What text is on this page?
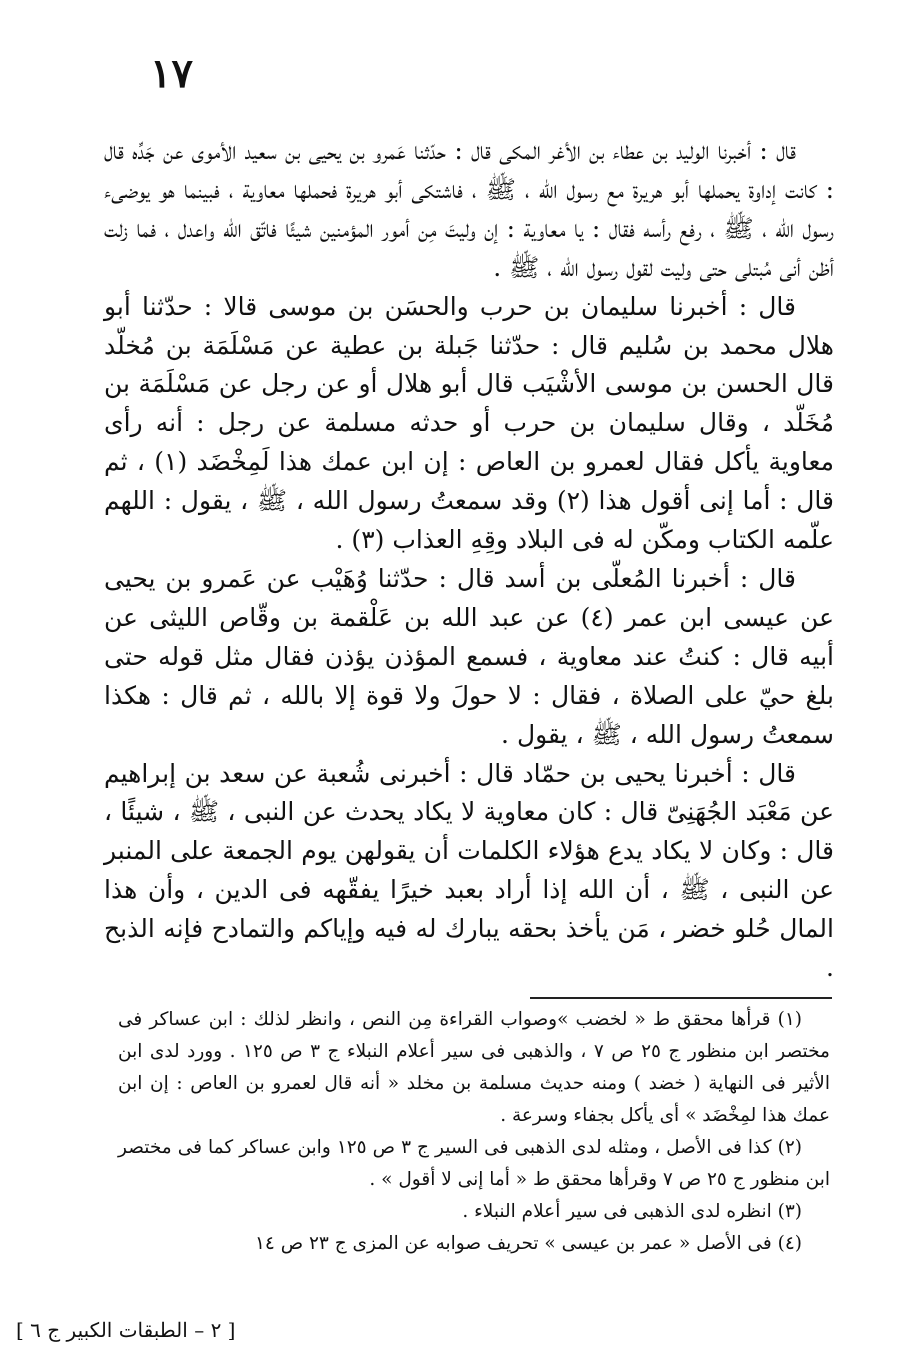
١٧

قال : أخبرنا الوليد بن عطاء بن الأغر المكى قال : حدّثنا عَمرو بن يحيى بن سعيد الأموى عن جَدِّه قال : كانت إداوة يحملها أبو هريرة مع رسول الله ، ﷺ ، فاشتكى أبو هريرة فحملها معاوية ، فبينما هو يوضىء رسول الله ، ﷺ ، رفع رأسه فقال : يا معاوية : إن وليتَ مِن أمور المؤمنين شيئًا فاتّق الله واعدل ، فما زلت أظن أنى مُبتلى حتى وليت لقول رسول الله ، ﷺ .

قال : أخبرنا سليمان بن حرب والحسَن بن موسى قالا : حدّثنا أبو هلال محمد بن سُليم قال : حدّثنا جَبلة بن عطية عن مَسْلَمَة بن مُخلّد قال الحسن بن موسى الأشْيَب قال أبو هلال أو عن رجل عن مَسْلَمَة بن مُخَلّد ، وقال سليمان بن حرب أو حدثه مسلمة عن رجل : أنه رأى معاوية يأكل فقال لعمرو بن العاص : إن ابن عمك هذا لَمِخْضَد (١) ، ثم قال : أما إنى أقول هذا (٢) وقد سمعتُ رسول الله ، ﷺ ، يقول : اللهم علّمه الكتاب ومكّن له فى البلاد وقِهِ العذاب (٣) .

قال : أخبرنا المُعلّى بن أسد قال : حدّثنا وُهَيْب عن عَمرو بن يحيى عن عيسى ابن عمر (٤) عن عبد الله بن عَلْقمة بن وقّاص الليثى عن أبيه قال : كنتُ عند معاوية ، فسمع المؤذن يؤذن فقال مثل قوله حتى بلغ حيّ على الصلاة ، فقال : لا حولَ ولا قوة إلا بالله ، ثم قال : هكذا سمعتُ رسول الله ، ﷺ ، يقول .

قال : أخبرنا يحيى بن حمّاد قال : أخبرنى شُعبة عن سعد بن إبراهيم عن مَعْبَد الجُهَنِىّ قال : كان معاوية لا يكاد يحدث عن النبى ، ﷺ ، شيئًا ، قال : وكان لا يكاد يدع هؤلاء الكلمات أن يقولهن يوم الجمعة على المنبر عن النبى ، ﷺ ، أن الله إذا أراد بعبد خيرًا يفقّهه فى الدين ، وأن هذا المال حُلو خضر ، مَن يأخذ بحقه يبارك له فيه وإياكم والتمادح فإنه الذبح .

(١) قرأها محقق ط « لخضب »وصواب القراءة مِن النص ، وانظر لذلك : ابن عساكر فى مختصر ابن منظور ج ٢٥ ص ٧ ، والذهبى فى سير أعلام النبلاء ج ٣ ص ١٢٥ . وورد لدى ابن الأثير فى النهاية ( خضد ) ومنه حديث مسلمة بن مخلد « أنه قال لعمرو بن العاص : إن ابن عمك هذا لمِخْضَد » أى يأكل بجفاء وسرعة .

(٢) كذا فى الأصل ، ومثله لدى الذهبى فى السير ج ٣ ص ١٢٥ وابن عساكر كما فى مختصر ابن منظور ج ٢٥ ص ٧ وقرأها محقق ط « أما إنى لا أقول » .

(٣) انظره لدى الذهبى فى سير أعلام النبلاء .

(٤) فى الأصل « عمر بن عيسى » تحريف صوابه عن المزى ج ٢٣ ص ١٤

[ ٢ – الطبقات الكبير ج ٦ ]
